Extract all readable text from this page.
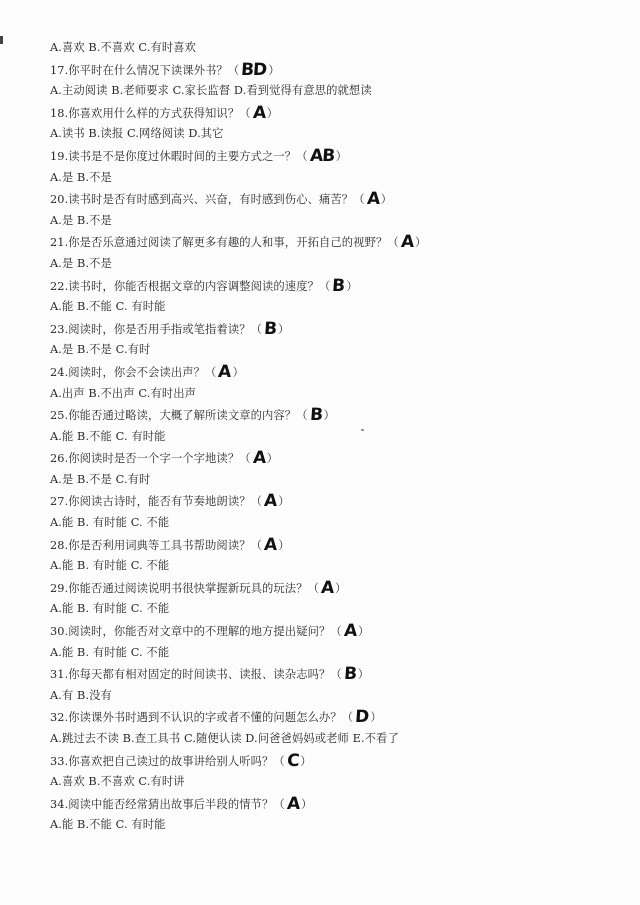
A.喜欢 B.不喜欢 C.有时喜欢
17.你平时在什么情况下读课外书？（BD）
A.主动阅读 B.老师要求 C.家长监督 D.看到觉得有意思的就想读
18.你喜欢用什么样的方式获得知识？（A）
A.读书 B.读报 C.网络阅读 D.其它
19.读书是不是你度过休暇时间的主要方式之一？（AB）
A.是 B.不是
20.读书时是否有时感到高兴、兴奋，有时感到伤心、痛苦？（A）
A.是 B.不是
21.你是否乐意通过阅读了解更多有趣的人和事，开拓自己的视野？（A）
A.是 B.不是
22.读书时，你能否根据文章的内容调整阅读的速度？（B）
A.能 B.不能 C. 有时能
23.阅读时，你是否用手指或笔指着读？（B）
A.是 B.不是 C.有时
24.阅读时，你会不会读出声？（A）
A.出声 B.不出声 C.有时出声
25.你能否通过略读，大概了解所读文章的内容？（B）
A.能 B.不能 C. 有时能
26.你阅读时是否一个字一个字地读？（A）
A.是 B.不是 C.有时
27.你阅读古诗时，能否有节奏地朗读？（A）
A.能 B. 有时能 C. 不能
28.你是否利用词典等工具书帮助阅读？（A）
A.能 B. 有时能 C. 不能
29.你能否通过阅读说明书很快掌握新玩具的玩法？（A）
A.能 B. 有时能 C. 不能
30.阅读时，你能否对文章中的不理解的地方提出疑问？（A）
A.能 B. 有时能 C. 不能
31.你每天都有相对固定的时间读书、读报、读杂志吗？（B）
A.有 B.没有
32.你读课外书时遇到不认识的字或者不懂的问题怎么办？（D）
A.跳过去不读 B.查工具书 C.随便认读 D.问爸爸妈妈或老师 E.不看了
33.你喜欢把自己读过的故事讲给别人听吗？（C）
A.喜欢 B.不喜欢 C.有时讲
34.阅读中能否经常猜出故事后半段的情节？（A）
A.能 B.不能 C. 有时能
